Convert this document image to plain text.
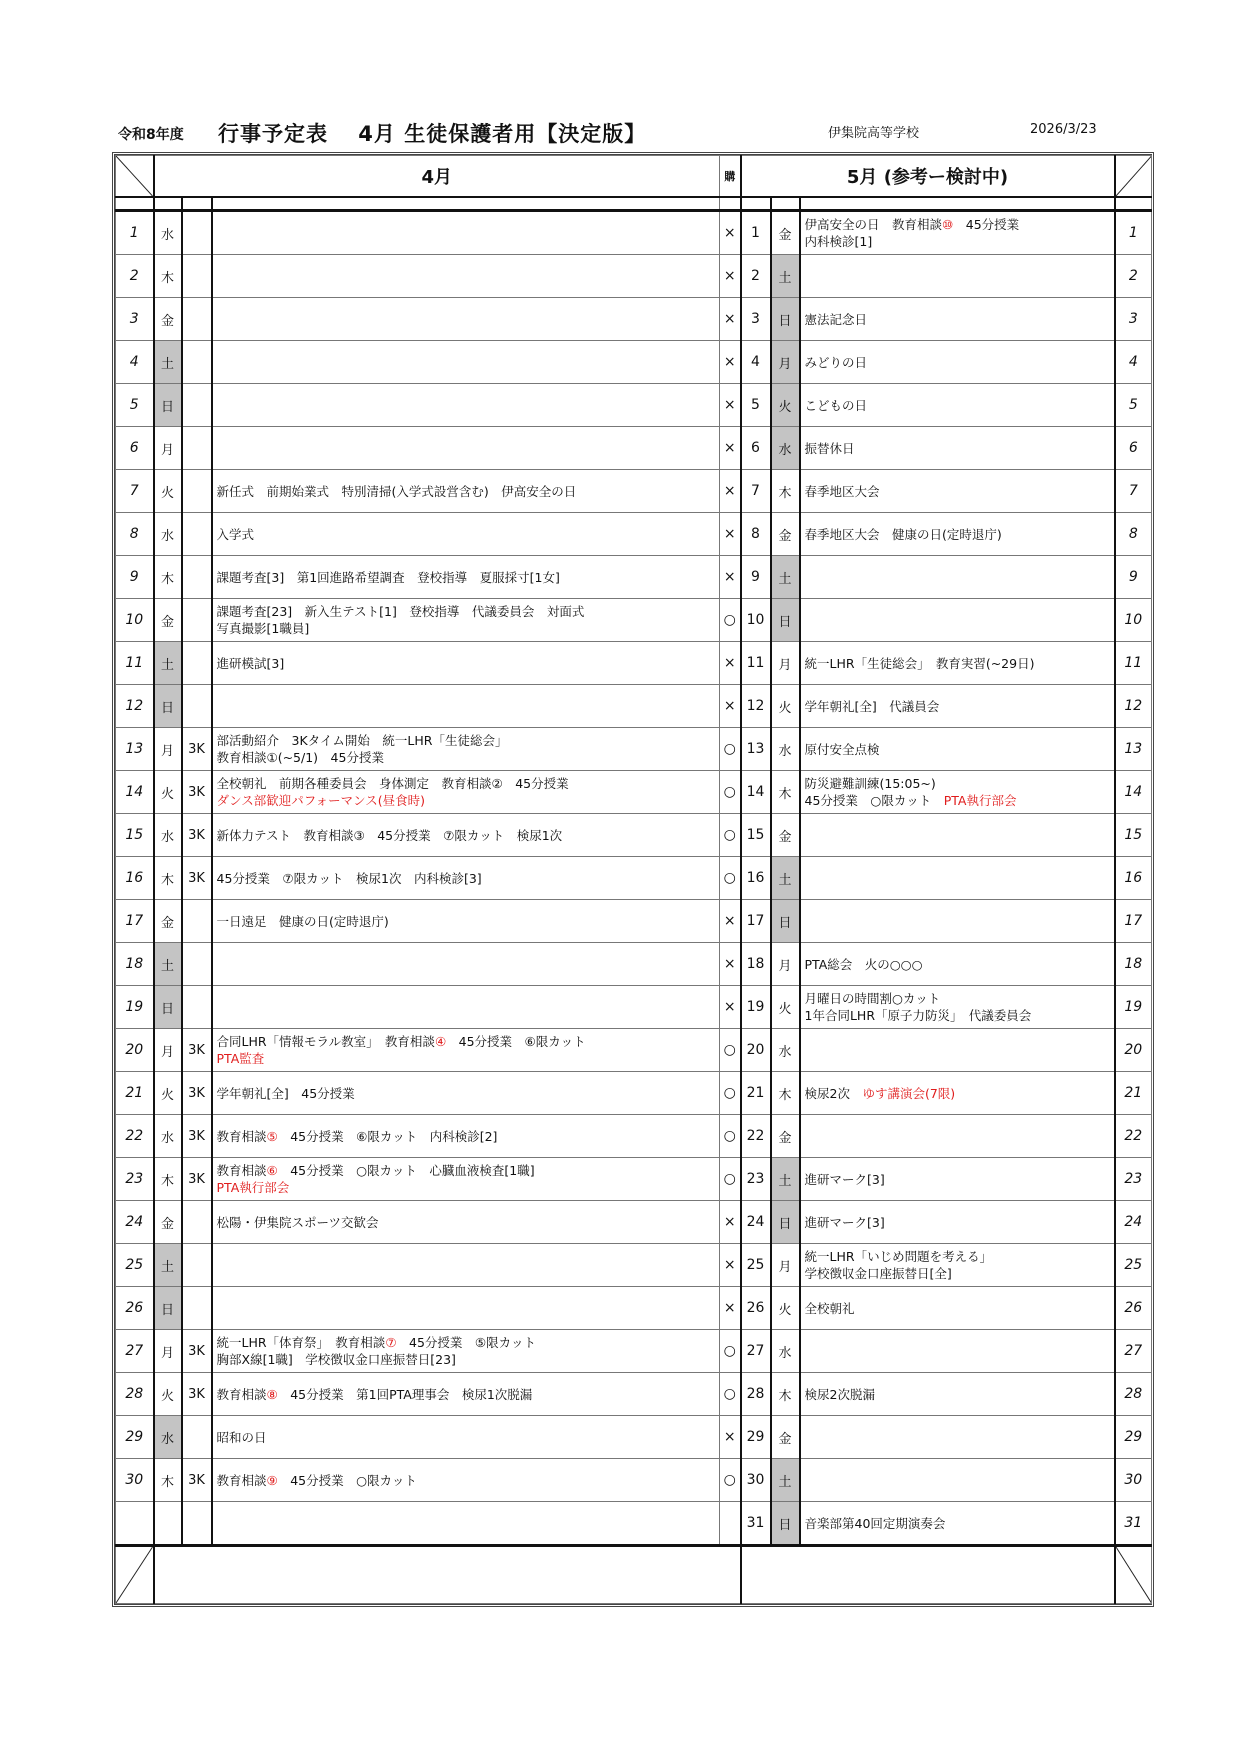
令和8年度 行事予定表　 4月 生徒保護者用【決定版】	伊集院高等学校	2026/3/23
	4月			購	5月 (参考ー検討中)	

1	水			×	1	金	伊高安全の日　教育相談⑩　45分授業
内科検診[1]	1
2	木			×	2	土		2
3	金			×	3	日	憲法記念日	3
4	土			×	4	月	みどりの日	4
5	日			×	5	火	こどもの日	5
6	月			×	6	水	振替休日	6
7	火		新任式　前期始業式　特別清掃(入学式設営含む)　伊高安全の日	×	7	木	春季地区大会	7
8	水		入学式	×	8	金	春季地区大会　健康の日(定時退庁)	8
9	木		課題考査[3]　第1回進路希望調査　登校指導　夏服採寸[1女]	×	9	土		9
10	金		課題考査[23]　新入生テスト[1]　登校指導　代議委員会　対面式
写真撮影[1職員]	○	10	日		10
11	土		進研模試[3]	×	11	月	統一LHR「生徒総会」　教育実習(~29日)	11
12	日			×	12	火	学年朝礼[全]　代議員会	12
13	月	3K	部活動紹介　3Kタイム開始　統一LHR「生徒総会」
教育相談①(~5/1)　45分授業	○	13	水	原付安全点検	13
14	火	3K	全校朝礼　前期各種委員会　身体測定　教育相談②　45分授業
ダンス部歓迎パフォーマンス(昼食時)	○	14	木	防災避難訓練(15:05~)
45分授業　○限カット　PTA執行部会	14
15	水	3K	新体力テスト　教育相談③　45分授業　⑦限カット　検尿1次	○	15	金		15
16	木	3K	45分授業　⑦限カット　検尿1次　内科検診[3]	○	16	土		16
17	金		一日遠足　健康の日(定時退庁)	×	17	日		17
18	土			×	18	月	PTA総会　火の○○○	18
19	日			×	19	火	月曜日の時間割○カット
1年合同LHR「原子力防災」　代議委員会	19
20	月	3K	合同LHR「情報モラル教室」　教育相談④　45分授業　⑥限カット
PTA監査	○	20	水		20
21	火	3K	学年朝礼[全]　45分授業	○	21	木	検尿2次　ゆす講演会(7限)	21
22	水	3K	教育相談⑤　45分授業　⑥限カット　内科検診[2]	○	22	金		22
23	木	3K	教育相談⑥　45分授業　○限カット　心臓血液検査[1職]
PTA執行部会	○	23	土	進研マーク[3]	23
24	金		松陽・伊集院スポーツ交歓会	×	24	日	進研マーク[3]	24
25	土			×	25	月	統一LHR「いじめ問題を考える」
学校徴収金口座振替日[全]	25
26	日			×	26	火	全校朝礼	26
27	月	3K	統一LHR「体育祭」　教育相談⑦　45分授業　⑤限カット
胸部X線[1職]　学校徴収金口座振替日[23]	○	27	水		27
28	火	3K	教育相談⑧　45分授業　第1回PTA理事会　検尿1次脱漏	○	28	木	検尿2次脱漏	28
29	水		昭和の日	×	29	金		29
30	木	3K	教育相談⑨　45分授業　○限カット	○	30	土		30
					31	日	音楽部第40回定期演奏会	31
